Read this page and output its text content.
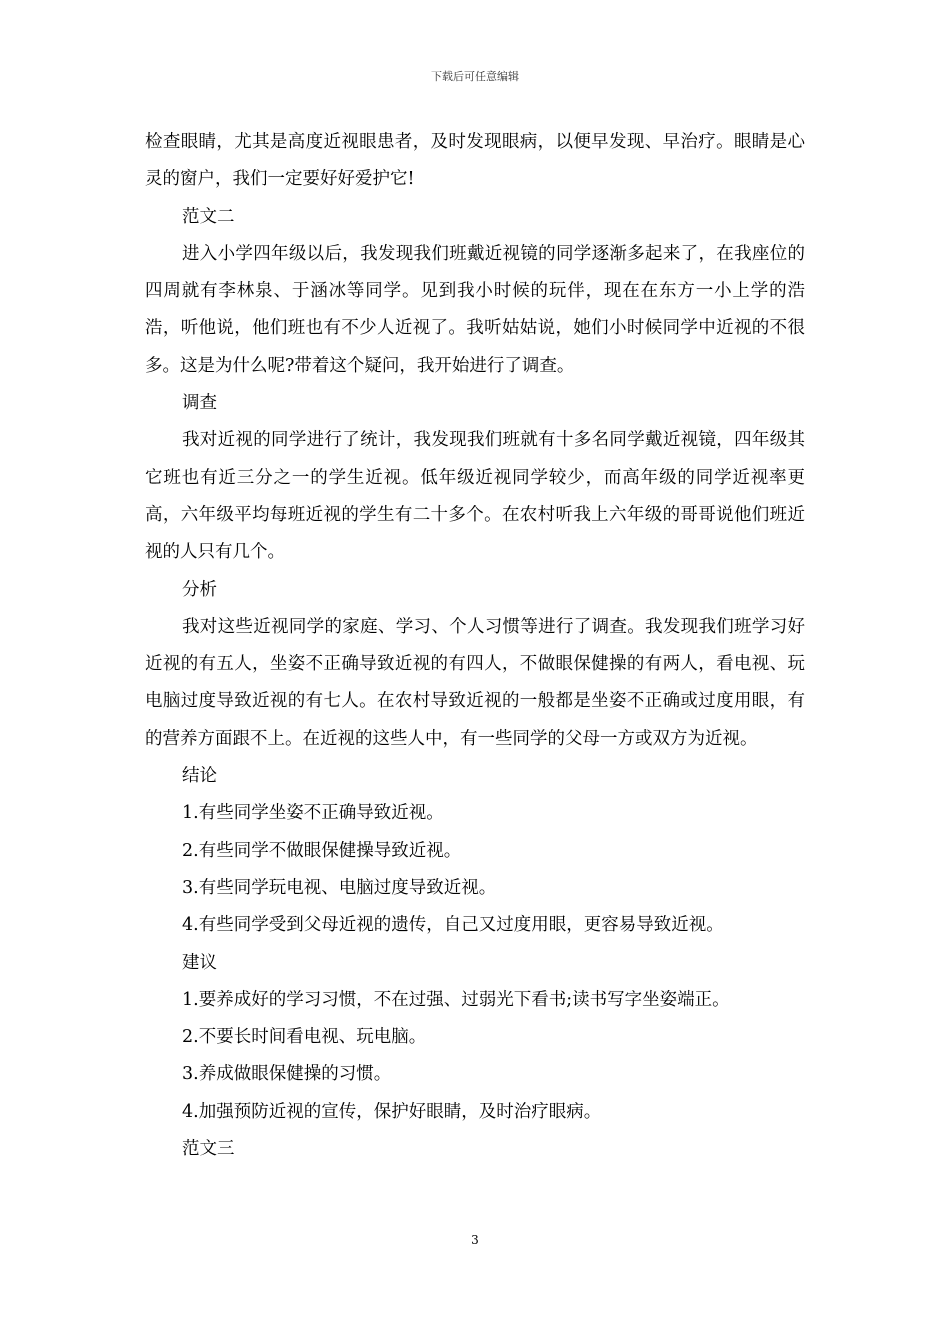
下载后可任意编辑

检查眼睛，尤其是高度近视眼患者，及时发现眼病，以便早发现、早治疗。眼睛是心灵的窗户，我们一定要好好爱护它!

范文二

进入小学四年级以后，我发现我们班戴近视镜的同学逐渐多起来了，在我座位的四周就有李林泉、于涵冰等同学。见到我小时候的玩伴，现在在东方一小上学的浩浩，听他说，他们班也有不少人近视了。我听姑姑说，她们小时候同学中近视的不很多。这是为什么呢?带着这个疑问，我开始进行了调查。

调查

我对近视的同学进行了统计，我发现我们班就有十多名同学戴近视镜，四年级其它班也有近三分之一的学生近视。低年级近视同学较少，而高年级的同学近视率更高，六年级平均每班近视的学生有二十多个。在农村听我上六年级的哥哥说他们班近视的人只有几个。

分析

我对这些近视同学的家庭、学习、个人习惯等进行了调查。我发现我们班学习好近视的有五人，坐姿不正确导致近视的有四人，不做眼保健操的有两人，看电视、玩电脑过度导致近视的有七人。在农村导致近视的一般都是坐姿不正确或过度用眼，有的营养方面跟不上。在近视的这些人中，有一些同学的父母一方或双方为近视。

结论

1.有些同学坐姿不正确导致近视。

2.有些同学不做眼保健操导致近视。

3.有些同学玩电视、电脑过度导致近视。

4.有些同学受到父母近视的遗传，自己又过度用眼，更容易导致近视。

建议

1.要养成好的学习习惯，不在过强、过弱光下看书;读书写字坐姿端正。

2.不要长时间看电视、玩电脑。

3.养成做眼保健操的习惯。

4.加强预防近视的宣传，保护好眼睛，及时治疗眼病。

范文三

3
